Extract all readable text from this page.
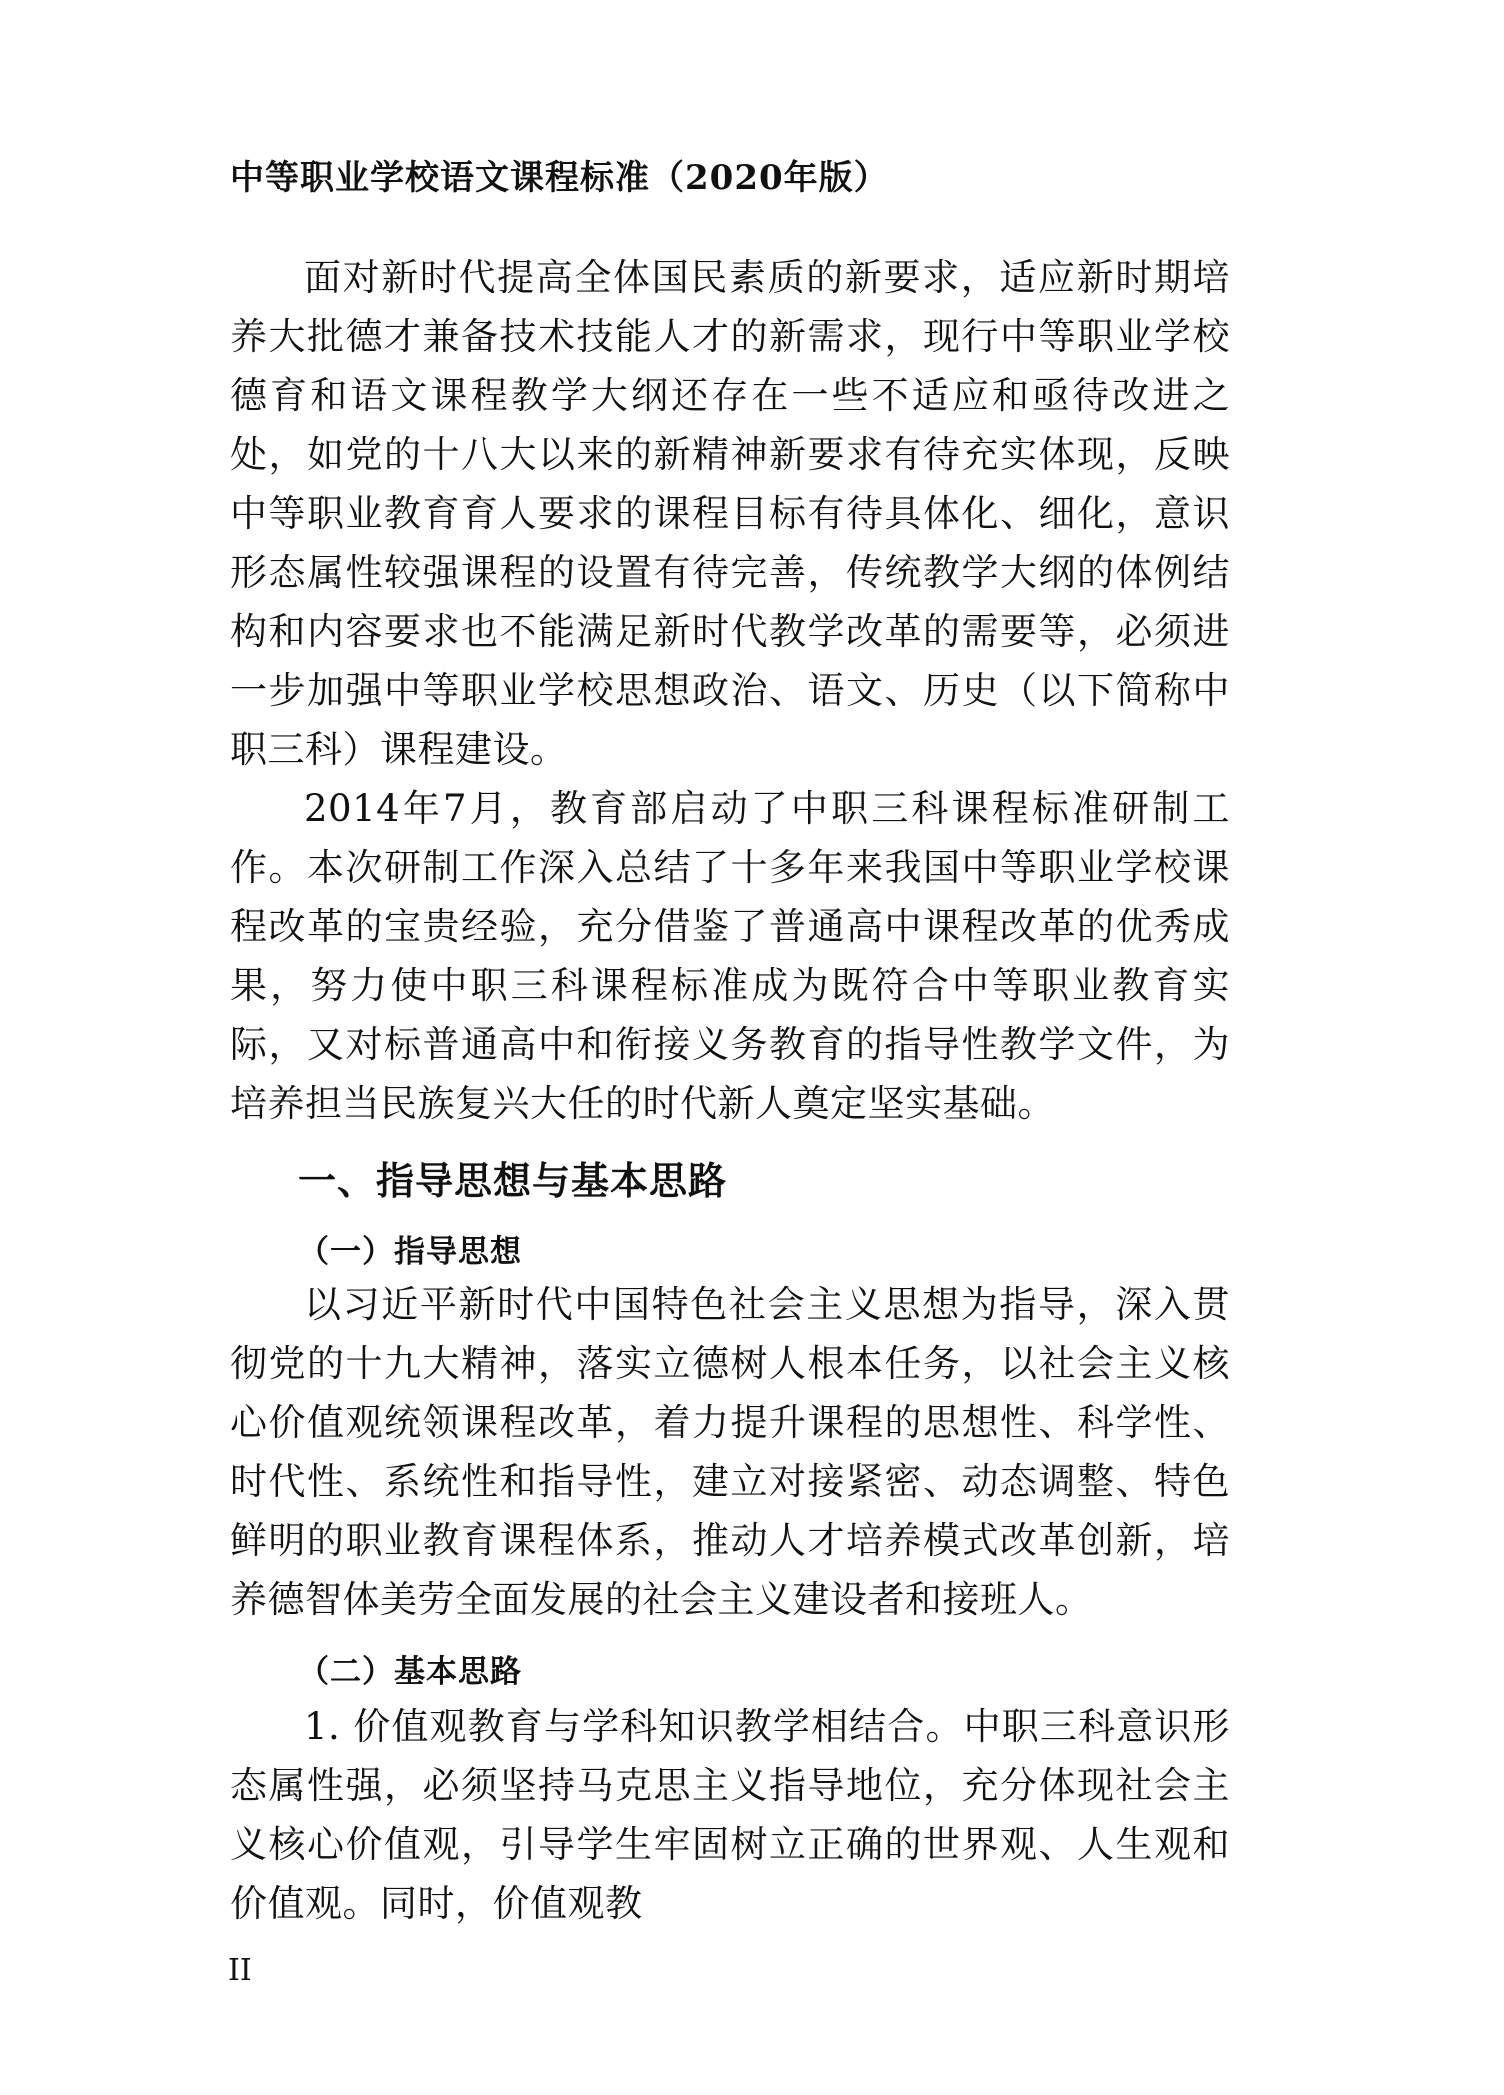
中等职业学校语文课程标准（2020年版）

面对新时代提高全体国民素质的新要求，适应新时期培养大批德才兼备技术技能人才的新需求，现行中等职业学校德育和语文课程教学大纲还存在一些不适应和亟待改进之处，如党的十八大以来的新精神新要求有待充实体现，反映中等职业教育育人要求的课程目标有待具体化、细化，意识形态属性较强课程的设置有待完善，传统教学大纲的体例结构和内容要求也不能满足新时代教学改革的需要等，必须进一步加强中等职业学校思想政治、语文、历史（以下简称中职三科）课程建设。

2014年7月，教育部启动了中职三科课程标准研制工作。本次研制工作深入总结了十多年来我国中等职业学校课程改革的宝贵经验，充分借鉴了普通高中课程改革的优秀成果，努力使中职三科课程标准成为既符合中等职业教育实际，又对标普通高中和衔接义务教育的指导性教学文件，为培养担当民族复兴大任的时代新人奠定坚实基础。

一、指导思想与基本思路
（一）指导思想

以习近平新时代中国特色社会主义思想为指导，深入贯彻党的十九大精神，落实立德树人根本任务，以社会主义核心价值观统领课程改革，着力提升课程的思想性、科学性、时代性、系统性和指导性，建立对接紧密、动态调整、特色鲜明的职业教育课程体系，推动人才培养模式改革创新，培养德智体美劳全面发展的社会主义建设者和接班人。

（二）基本思路

1. 价值观教育与学科知识教学相结合。中职三科意识形态属性强，必须坚持马克思主义指导地位，充分体现社会主义核心价值观，引导学生牢固树立正确的世界观、人生观和价值观。同时，价值观教

II
